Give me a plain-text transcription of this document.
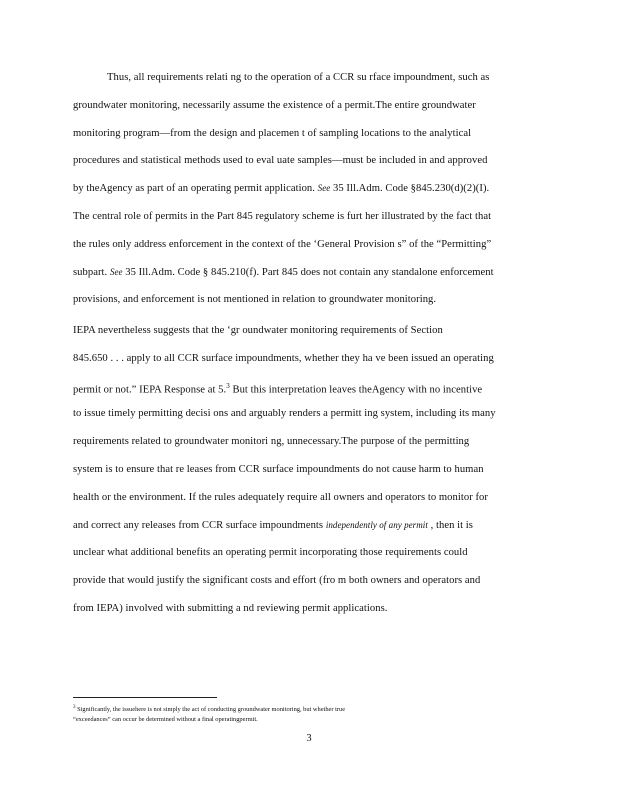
Thus, all requirements relati ng to the operation of a CCR su rface impoundment, such as
groundwater monitoring, necessarily assume the existence of a permit.The entire groundwater
monitoring program—from the design and placemen t of sampling locations to the analytical
procedures and statistical methods used to eval uate samples—must be included in and approved
by theAgency as part of an operating permit application. See 35 Ill.Adm. Code §845.230(d)(2)(I).
The central role of permits in the Part 845 regulatory scheme is furt her illustrated by the fact that
the rules only address enforcement in the context of the ‘General Provision s” of the “Permitting”
subpart. See 35 Ill.Adm. Code § 845.210(f). Part 845 does not contain any standalone enforcement
provisions, and enforcement is not mentioned in relation to groundwater monitoring.
IEPA nevertheless suggests that the ‘gr oundwater monitoring requirements of Section
845.650 . . . apply to all CCR surface impoundments, whether they ha ve been issued an operating
permit or not.” IEPA Response at 5.$^3$ But this interpretation leaves theAgency with no incentive
to issue timely permitting decisi ons and arguably renders a permitt ing system, including its many
requirements related to groundwater monitori ng, unnecessary.The purpose of the permitting
system is to ensure that re leases from CCR surface impoundments do not cause harm to human
health or the environment. If the rules adequately require all owners and operators to monitor for
and correct any releases from CCR surface impoundments independently of any permit , then it is
unclear what additional benefits an operating permit incorporating those requirements could
provide that would justify the significant costs and effort (fro m both owners and operators and
from IEPA) involved with submitting a nd reviewing permit applications.
$^3$ Significantly, the issuehere is not simply the act of conducting groundwater monitoring, but whether true
“exceedances” can occur be determined without a final operatingpermit.
3
